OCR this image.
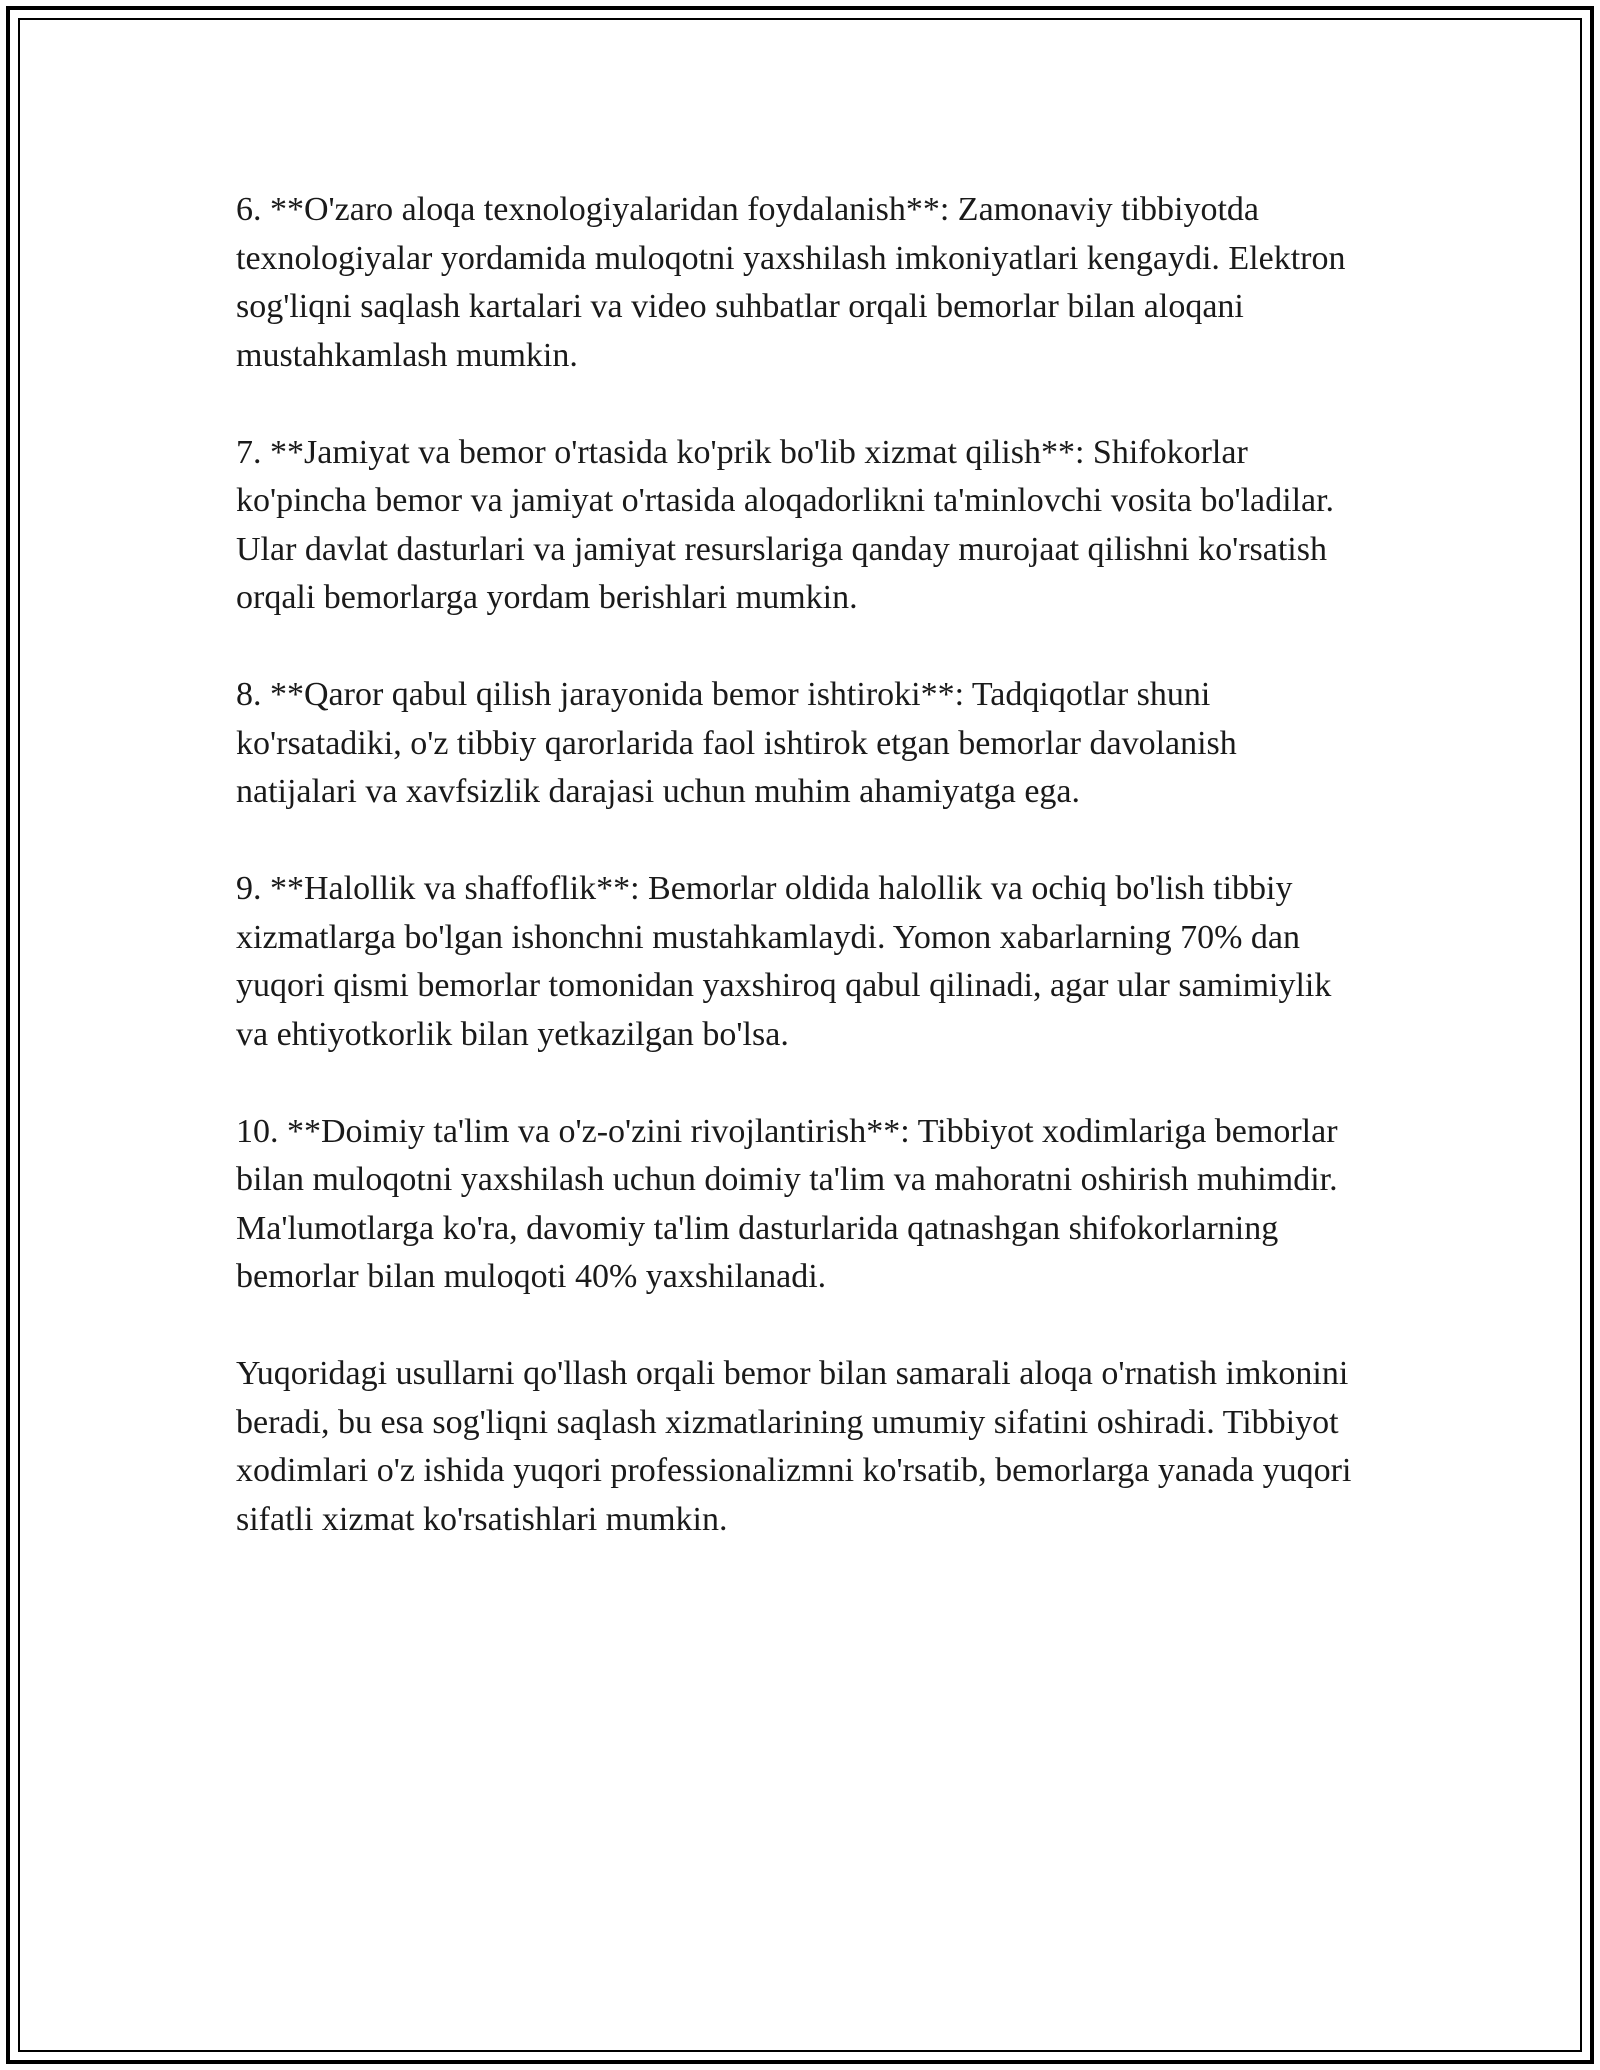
6. **O'zaro aloqa texnologiyalaridan foydalanish**: Zamonaviy tibbiyotda texnologiyalar yordamida muloqotni yaxshilash imkoniyatlari kengaydi. Elektron sog'liqni saqlash kartalari va video suhbatlar orqali bemorlar bilan aloqani mustahkamlash mumkin.

7. **Jamiyat va bemor o'rtasida ko'prik bo'lib xizmat qilish**: Shifokorlar ko'pincha bemor va jamiyat o'rtasida aloqadorlikni ta'minlovchi vosita bo'ladilar. Ular davlat dasturlari va jamiyat resurslariga qanday murojaat qilishni ko'rsatish orqali bemorlarga yordam berishlari mumkin.

8. **Qaror qabul qilish jarayonida bemor ishtiroki**: Tadqiqotlar shuni ko'rsatadiki, o'z tibbiy qarorlarida faol ishtirok etgan bemorlar davolanish natijalari va xavfsizlik darajasi uchun muhim ahamiyatga ega.

9. **Halollik va shaffoflik**: Bemorlar oldida halollik va ochiq bo'lish tibbiy xizmatlarga bo'lgan ishonchni mustahkamlaydi. Yomon xabarlarning 70% dan yuqori qismi bemorlar tomonidan yaxshiroq qabul qilinadi, agar ular samimiylik va ehtiyotkorlik bilan yetkazilgan bo'lsa.

10. **Doimiy ta'lim va o'z-o'zini rivojlantirish**: Tibbiyot xodimlariga bemorlar bilan muloqotni yaxshilash uchun doimiy ta'lim va mahoratni oshirish muhimdir. Ma'lumotlarga ko'ra, davomiy ta'lim dasturlarida qatnashgan shifokorlarning bemorlar bilan muloqoti 40% yaxshilanadi.

Yuqoridagi usullarni qo'llash orqali bemor bilan samarali aloqa o'rnatish imkonini beradi, bu esa sog'liqni saqlash xizmatlarining umumiy sifatini oshiradi. Tibbiyot xodimlari o'z ishida yuqori professionalizmni ko'rsatib, bemorlarga yanada yuqori sifatli xizmat ko'rsatishlari mumkin.
